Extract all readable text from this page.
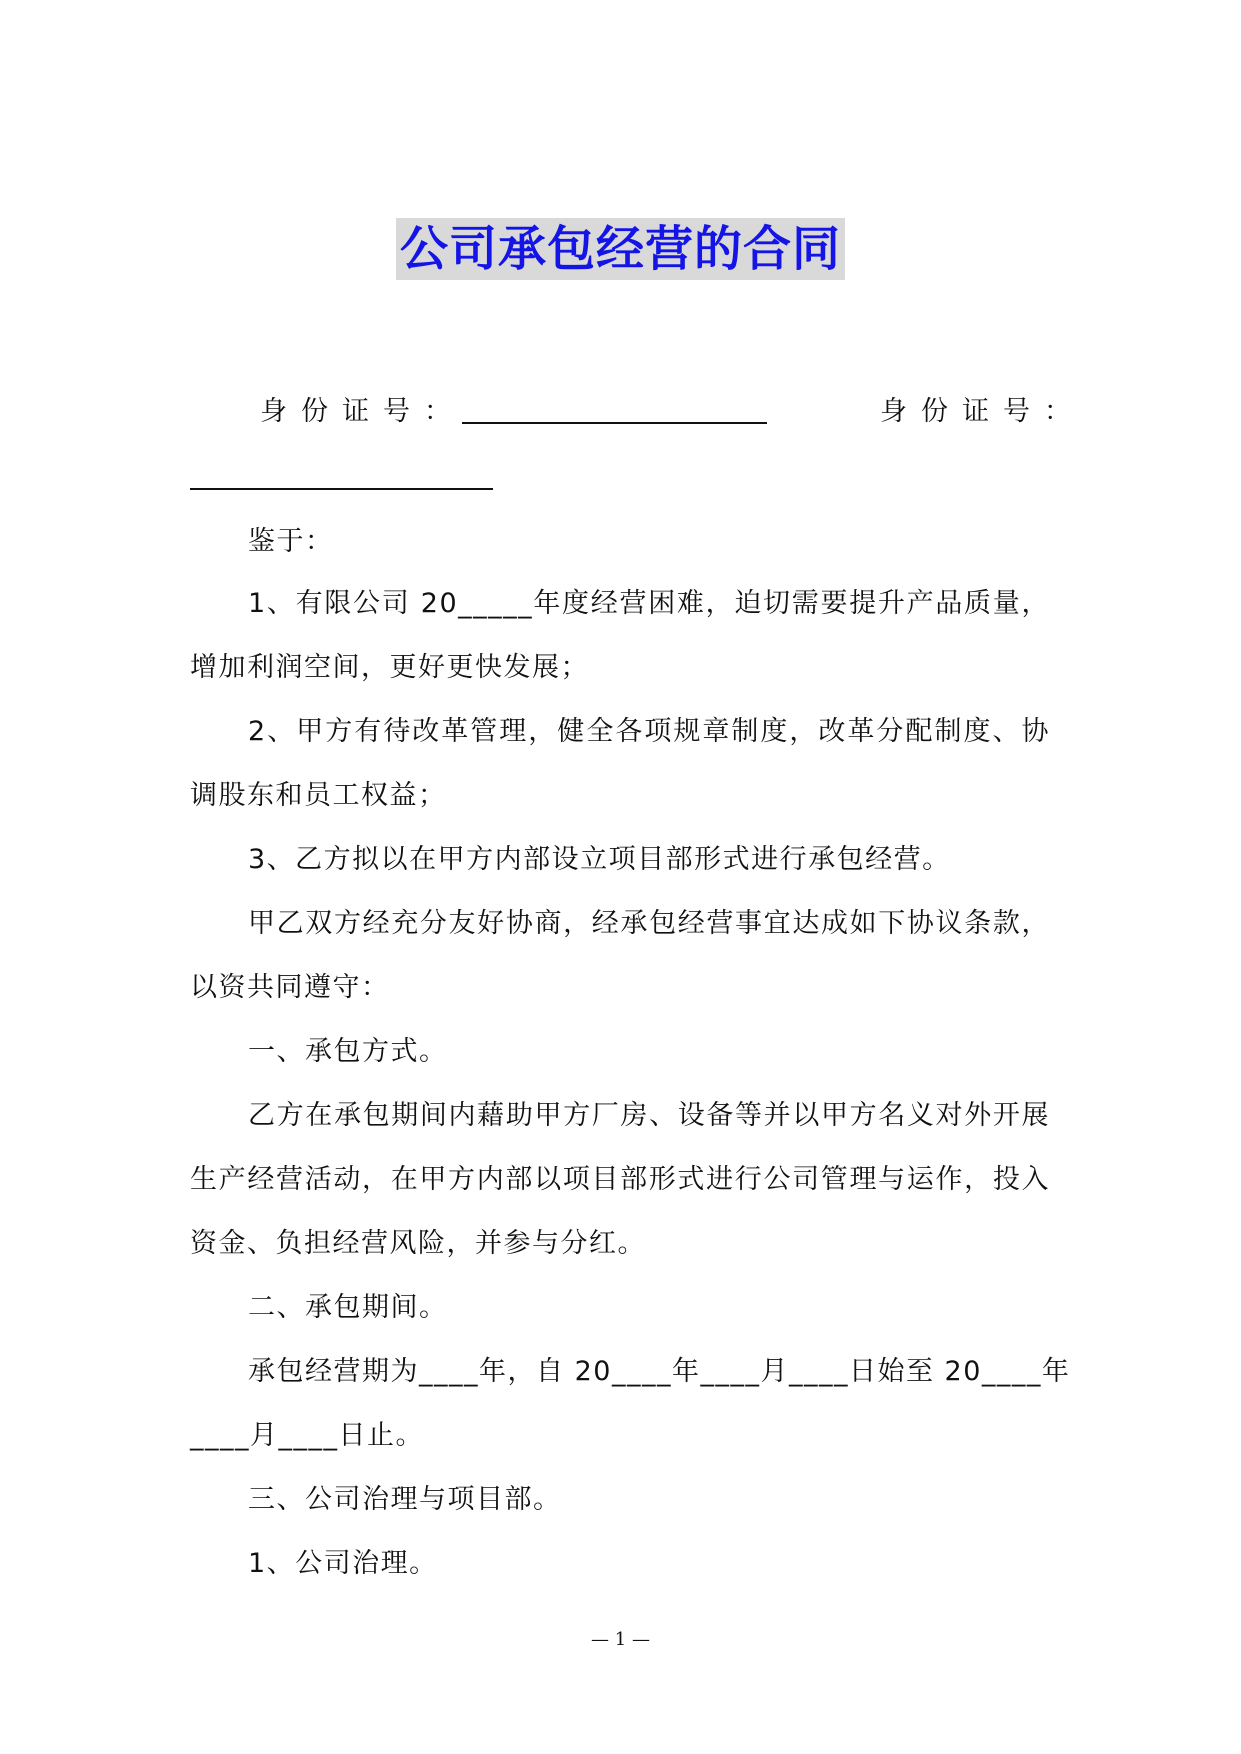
公司承包经营的合同
身份证号：	身份证号：
鉴于：
1、有限公司 20_____年度经营困难，迫切需要提升产品质量，
增加利润空间，更好更快发展；
2、甲方有待改革管理，健全各项规章制度，改革分配制度、协
调股东和员工权益；
3、乙方拟以在甲方内部设立项目部形式进行承包经营。
甲乙双方经充分友好协商，经承包经营事宜达成如下协议条款，
以资共同遵守：
一、承包方式。
乙方在承包期间内藉助甲方厂房、设备等并以甲方名义对外开展
生产经营活动，在甲方内部以项目部形式进行公司管理与运作，投入
资金、负担经营风险，并参与分红。
二、承包期间。
承包经营期为____年，自 20____年____月____日始至 20____年
____月____日止。
三、公司治理与项目部。
1、公司治理。
— 1 —
